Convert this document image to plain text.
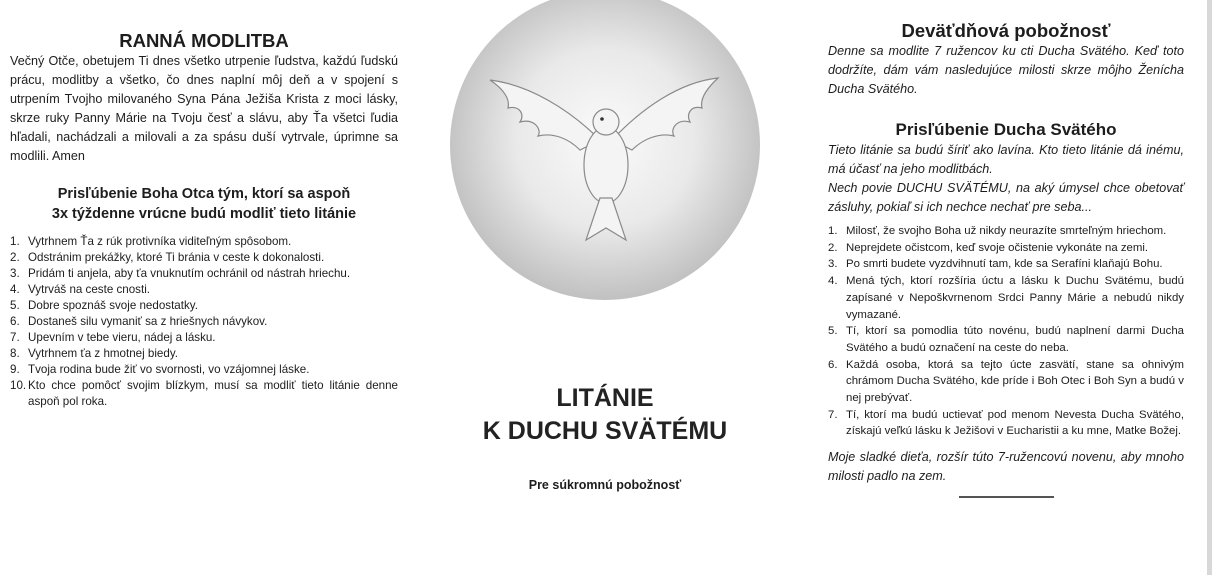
RANNÁ MODLITBA

Večný Otče, obetujem Ti dnes všetko utrpenie ľudstva, každú ľudskú prácu, modlitby a všetko, čo dnes naplní môj deň a v spojení s utrpením Tvojho milovaného Syna Pána Ježiša Krista z moci lásky, skrze ruky Panny Márie na Tvoju česť a slávu, aby Ťa všetci ľudia hľadali, nachádzali a milovali a za spásu duší vytrvale, úprimne sa modlili. Amen

Prisľúbenie Boha Otca tým, ktorí sa aspoň
3x týždenne vrúcne budú modliť tieto litánie
1. Vytrhnem Ťa z rúk protivníka viditeľným spôsobom.
2. Odstránim prekážky, ktoré Ti bránia v ceste k dokonalosti.
3. Pridám ti anjela, aby ťa vnuknutím ochránil od nástrah hriechu.
4. Vytrváš na ceste cnosti.
5. Dobre spoznáš svoje nedostatky.
6. Dostaneš silu vymaniť sa z hriešnych návykov.
7. Upevním v tebe vieru, nádej a lásku.
8. Vytrhnem ťa z hmotnej biedy.
9. Tvoja rodina bude žiť vo svornosti, vo vzájomnej láske.
10. Kto chce pomôcť svojim blízkym, musí sa modliť tieto litánie denne aspoň pol roka.	LITÁNIE
K DUCHU SVÄTÉMU
Pre súkromnú pobožnosť
Deväťdňová pobožnosť

Denne sa modlite 7 ružencov ku cti Ducha Svätého. Keď toto dodržíte, dám vám nasledujúce milosti skrze môjho Ženícha Ducha Svätého.

Prisľúbenie Ducha Svätého

Tieto litánie sa budú šíriť ako lavína. Kto tieto litánie dá inému, má účasť na jeho modlitbách.

Nech povie DUCHU SVÄTÉMU, na aký úmysel chce obetovať zásluhy, pokiaľ si ich nechce nechať pre seba...

1. Milosť, že svojho Boha už nikdy neurazíte smrteľným hriechom.
2. Neprejdete očistcom, keď svoje očistenie vykonáte na zemi.
3. Po smrti budete vyzdvihnutí tam, kde sa Serafíni klaňajú Bohu.
4. Mená tých, ktorí rozšíria úctu a lásku k Duchu Svätému, budú zapísané v Nepoškvrnenom Srdci Panny Márie a nebudú nikdy vymazané.
5. Tí, ktorí sa pomodlia túto novénu, budú naplnení darmi Ducha Svätého a budú označení na ceste do neba.
6. Každá osoba, ktorá sa tejto úcte zasvätí, stane sa ohnivým chrámom Ducha Svätého, kde príde i Boh Otec i Boh Syn a budú v nej prebývať.
7. Tí, ktorí ma budú uctievať pod menom Nevesta Ducha Svätého, získajú veľkú lásku k Ježišovi v Eucharistii a ku mne, Matke Božej.

Moje sladké dieťa, rozšír túto 7-ružencovú novenu, aby mnoho milosti padlo na zem.
